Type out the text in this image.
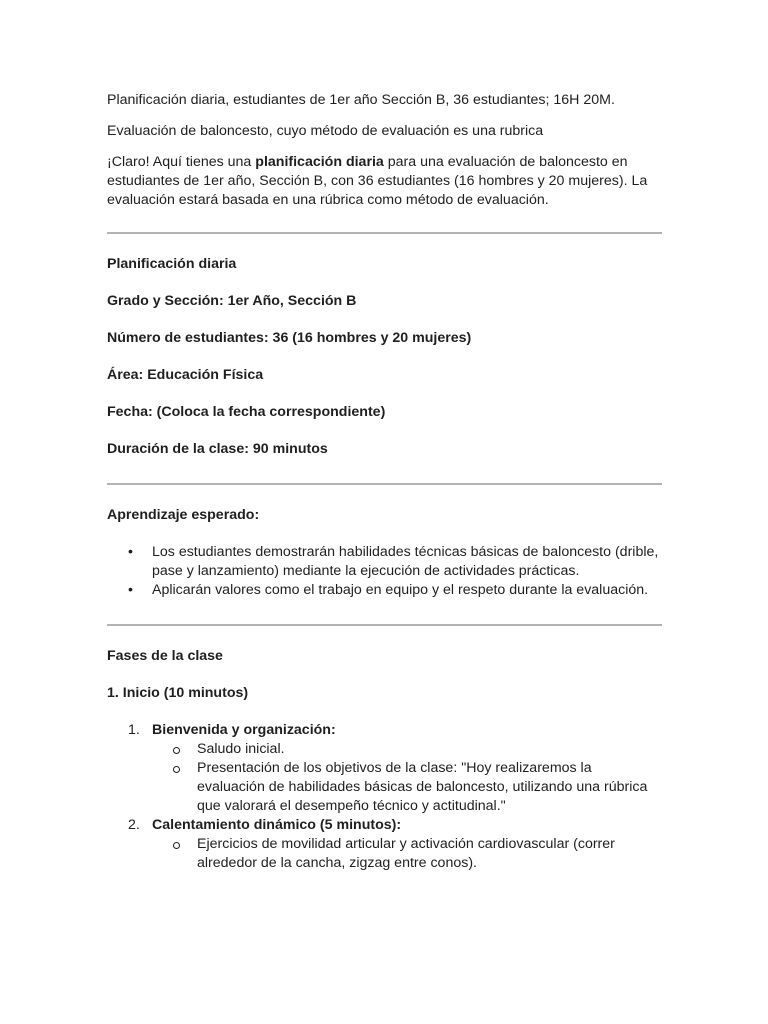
Planificación diaria, estudiantes de 1er año Sección B, 36 estudiantes; 16H 20M.

Evaluación de baloncesto, cuyo método de evaluación es una rubrica

¡Claro! Aquí tienes una planificación diaria para una evaluación de baloncesto en estudiantes de 1er año, Sección B, con 36 estudiantes (16 hombres y 20 mujeres). La evaluación estará basada en una rúbrica como método de evaluación.

Planificación diaria

Grado y Sección: 1er Año, Sección B

Número de estudiantes: 36 (16 hombres y 20 mujeres)

Área: Educación Física

Fecha: (Coloca la fecha correspondiente)

Duración de la clase: 90 minutos

Aprendizaje esperado:

• Los estudiantes demostrarán habilidades técnicas básicas de baloncesto (drible, pase y lanzamiento) mediante la ejecución de actividades prácticas.
• Aplicarán valores como el trabajo en equipo y el respeto durante la evaluación.

Fases de la clase

1. Inicio (10 minutos)

1. Bienvenida y organización:
Saludo inicial.
Presentación de los objetivos de la clase: "Hoy realizaremos la evaluación de habilidades básicas de baloncesto, utilizando una rúbrica que valorará el desempeño técnico y actitudinal."
2. Calentamiento dinámico (5 minutos):
Ejercicios de movilidad articular y activación cardiovascular (correr alrededor de la cancha, zigzag entre conos).
